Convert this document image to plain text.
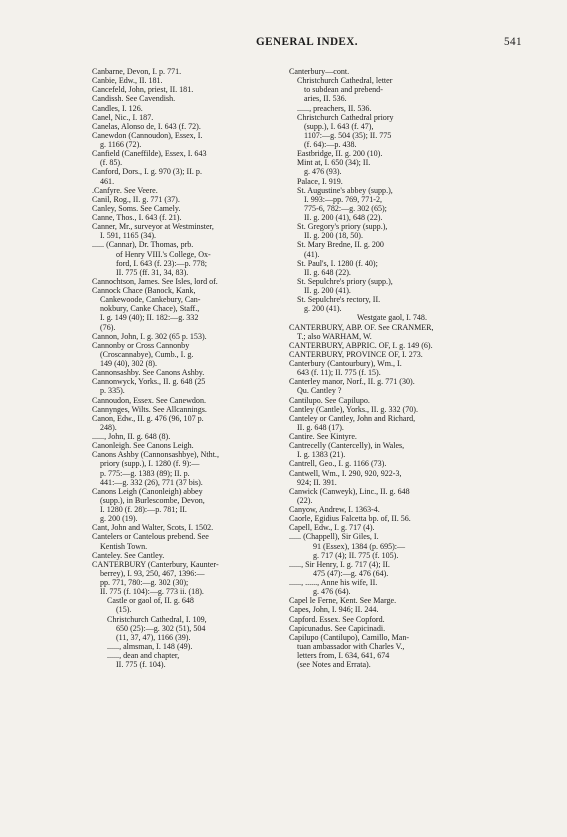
GENERAL INDEX.	541
Canbarne, Devon, I. p. 771.
Canbie, Edw., II. 181.
Cancefeld, John, priest, II. 181.
Candissh. See Cavendish.
Candles, I. 126.
Canel, Nic., I. 187.
Canelas, Alonso de, I. 643 (f. 72).
Canewdon (Cannoudon), Essex, I.
g. 1166 (72).
Canfield (Caneffilde), Essex, I. 643
(f. 85).
Canford, Dors., I. g. 970 (3); II. p.
461.
.Canfyre. See Veere.
Canil, Rog., II. g. 771 (37).
Canley, Soms. See Camely.
Canne, Thos., I. 643 (f. 21).
Canner, Mr., surveyor at Westminster,
I. 591, 1165 (34).
...... (Cannar), Dr. Thomas, prb.
of Henry VIII.'s College, Ox-
ford, I. 643 (f. 23):—p. 778;
II. 775 (ff. 31, 34, 83).
Cannochtson, James. See Isles, lord of.
Cannock Chace (Banock, Kank,
Cankewoode, Cankebury, Can-
nokbury, Canke Chace), Staff.,
I. g. 149 (40); II. 182:—g. 332
(76).
Cannon, John, I. g. 302 (65 p. 153).
Cannonby or Cross Cannonby
(Croscannabye), Cumb., I. g.
149 (40), 302 (8).
Cannonsashby. See Canons Ashby.
Cannonwyck, Yorks., II. g. 648 (25
p. 335).
Cannoudon, Essex. See Canewdon.
Cannynges, Wilts. See Allcannings.
Canon, Edw., II. g. 476 (96, 107 p.
248).
......, John, II. g. 648 (8).
Canonleigh. See Canons Leigh.
Canons Ashby (Cannonsashbye), Ntht.,
priory (supp.), I. 1280 (f. 9):—
p. 775:—g. 1383 (89); II. p.
441:—g. 332 (26), 771 (37 bis).
Canons Leigh (Canonleigh) abbey
(supp.), in Burlescombe, Devon,
I. 1280 (f. 28):—p. 781; II.
g. 200 (19).
Cant, John and Walter, Scots, I. 1502.
Cantelers or Cantelous prebend. See
Kentish Town.
Canteley. See Cantley.
CANTERBURY (Canterbury, Kaunter-
berrey), I. 93, 250, 467, 1396:—
pp. 771, 780:—g. 302 (30);
II. 775 (f. 104):—g. 773 ii. (18).
Castle or gaol of, II. g. 648
(15).
Christchurch Cathedral, I. 109,
650 (25):—g. 302 (51), 504
(11, 37, 47), 1166 (39).
......, almsman, I. 148 (49).
......, dean and chapter,
II. 775 (f. 104).
Canterbury—cont.
Christchurch Cathedral, letter
to subdean and prebend-
aries, II. 536.
......, preachers, II. 536.
Christchurch Cathedral priory
(supp.), I. 643 (f. 47),
1107:—g. 504 (35); II. 775
(f. 64):—p. 438.
Eastbridge, II. g. 200 (10).
Mint at, I. 650 (34); II.
g. 476 (93).
Palace, I. 919.
St. Augustine's abbey (supp.),
I. 993:—pp. 769, 771-2,
775-6, 782:—g. 302 (65);
II. g. 200 (41), 648 (22).
St. Gregory's priory (supp.),
II. g. 200 (18, 50).
St. Mary Bredne, II. g. 200
(41).
St. Paul's, I. 1280 (f. 40);
II. g. 648 (22).
St. Sepulchre's priory (supp.),
II. g. 200 (41).
St. Sepulchre's rectory, II.
g. 200 (41).
Westgate gaol, I. 748.
CANTERBURY, ABP. OF. See CRANMER,
T.; also WARHAM, W.
CANTERBURY, ABPRIC. OF, I. g. 149 (6).
CANTERBURY, PROVINCE OF, I. 273.
Canterbury (Cantourbury), Wm., I.
643 (f. 11); II. 775 (f. 15).
Canterley manor, Norf., II. g. 771 (30).
Qu. Cantley ?
Cantilupo. See Capilupo.
Cantley (Cantle), Yorks., II. g. 332 (70).
Canteley or Cantley, John and Richard,
II. g. 648 (17).
Cantire. See Kintyre.
Cantrecelly (Cantercelly), in Wales,
I. g. 1383 (21).
Cantrell, Geo., I. g. 1166 (73).
Cantwell, Wm., I. 290, 920, 922-3,
924; II. 391.
Canwick (Canweyk), Linc., II. g. 648
(22).
Canyow, Andrew, I. 1363-4.
Caorle, Egidius Falcetta bp. of, II. 56.
Capell, Edw., I. g. 717 (4).
...... (Chappell), Sir Giles, I.
91 (Essex), 1384 (p. 695):—
g. 717 (4); II. 775 (f. 105).
......, Sir Henry, I. g. 717 (4); II.
475 (47):—g. 476 (64).
......, ......, Anne his wife, II.
g. 476 (64).
Capel le Ferne, Kent. See Marge.
Capes, John, I. 946; II. 244.
Capford. Essex. See Copford.
Capicunadus. See Capicinadi.
Capilupo (Cantilupo), Camillo, Man-
tuan ambassador with Charles V.,
letters from, I. 634, 641, 674
(see Notes and Errata).
